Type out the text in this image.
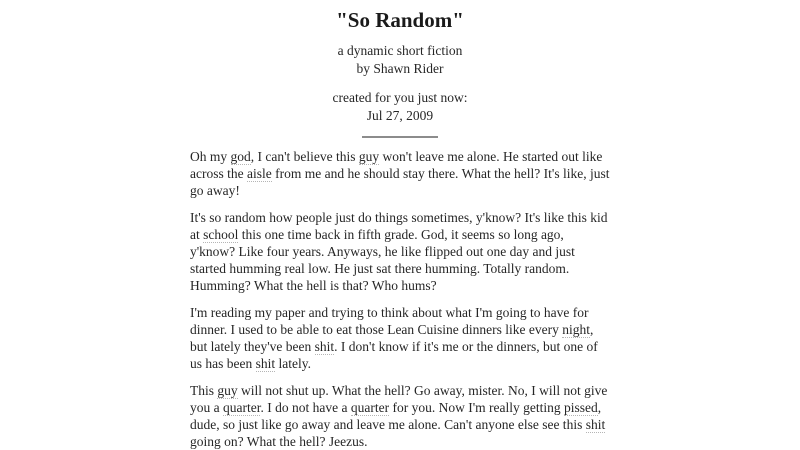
"So Random"
a dynamic short fiction
by Shawn Rider
created for you just now:
Jul 27, 2009

Oh my god, I can't believe this guy won't leave me alone. He started out like across the aisle from me and he should stay there. What the hell? It's like, just go away!

It's so random how people just do things sometimes, y'know? It's like this kid at school this one time back in fifth grade. God, it seems so long ago, y'know? Like four years. Anyways, he like flipped out one day and just started humming real low. He just sat there humming. Totally random. Humming? What the hell is that? Who hums?

I'm reading my paper and trying to think about what I'm going to have for dinner. I used to be able to eat those Lean Cuisine dinners like every night, but lately they've been shit. I don't know if it's me or the dinners, but one of us has been shit lately.

This guy will not shut up. What the hell? Go away, mister. No, I will not give you a quarter. I do not have a quarter for you. Now I'm really getting pissed, dude, so just like go away and leave me alone. Can't anyone else see this shit going on? What the hell? Jeezus.
